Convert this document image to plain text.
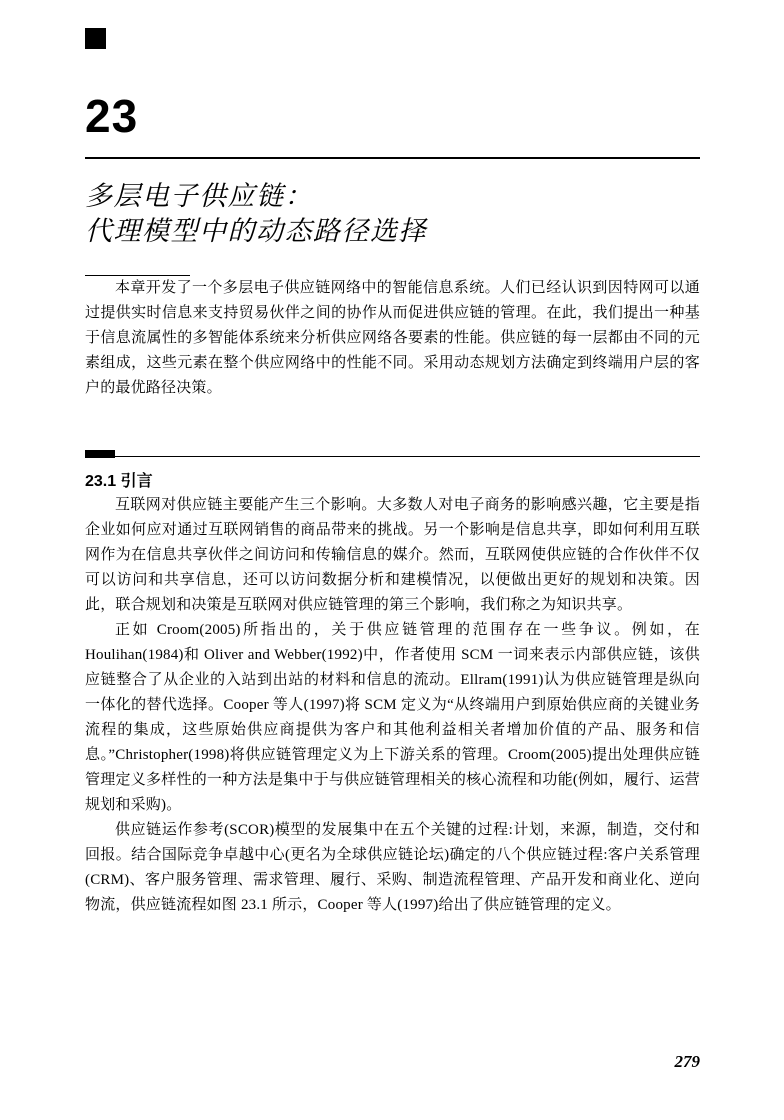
23
多层电子供应链：
代理模型中的动态路径选择

本章开发了一个多层电子供应链网络中的智能信息系统。人们已经认识到因特网可以通过提供实时信息来支持贸易伙伴之间的协作从而促进供应链的管理。在此，我们提出一种基于信息流属性的多智能体系统来分析供应网络各要素的性能。供应链的每一层都由不同的元素组成，这些元素在整个供应网络中的性能不同。采用动态规划方法确定到终端用户层的客户的最优路径决策。

23.1 引言

互联网对供应链主要能产生三个影响。大多数人对电子商务的影响感兴趣，它主要是指企业如何应对通过互联网销售的商品带来的挑战。另一个影响是信息共享，即如何利用互联网作为在信息共享伙伴之间访问和传输信息的媒介。然而，互联网使供应链的合作伙伴不仅可以访问和共享信息，还可以访问数据分析和建模情况，以便做出更好的规划和决策。因此，联合规划和决策是互联网对供应链管理的第三个影响，我们称之为知识共享。

正如 Croom(2005)所指出的，关于供应链管理的范围存在一些争议。例如，在 Houlihan(1984)和 Oliver and Webber(1992)中，作者使用 SCM 一词来表示内部供应链，该供应链整合了从企业的入站到出站的材料和信息的流动。Ellram(1991)认为供应链管理是纵向一体化的替代选择。Cooper 等人(1997)将 SCM 定义为“从终端用户到原始供应商的关键业务流程的集成，这些原始供应商提供为客户和其他利益相关者增加价值的产品、服务和信息。”Christopher(1998)将供应链管理定义为上下游关系的管理。Croom(2005)提出处理供应链管理定义多样性的一种方法是集中于与供应链管理相关的核心流程和功能(例如，履行、运营规划和采购)。

供应链运作参考(SCOR)模型的发展集中在五个关键的过程:计划，来源，制造，交付和回报。结合国际竞争卓越中心(更名为全球供应链论坛)确定的八个供应链过程:客户关系管理(CRM)、客户服务管理、需求管理、履行、采购、制造流程管理、产品开发和商业化、逆向物流，供应链流程如图 23.1 所示，Cooper 等人(1997)给出了供应链管理的定义。

279
